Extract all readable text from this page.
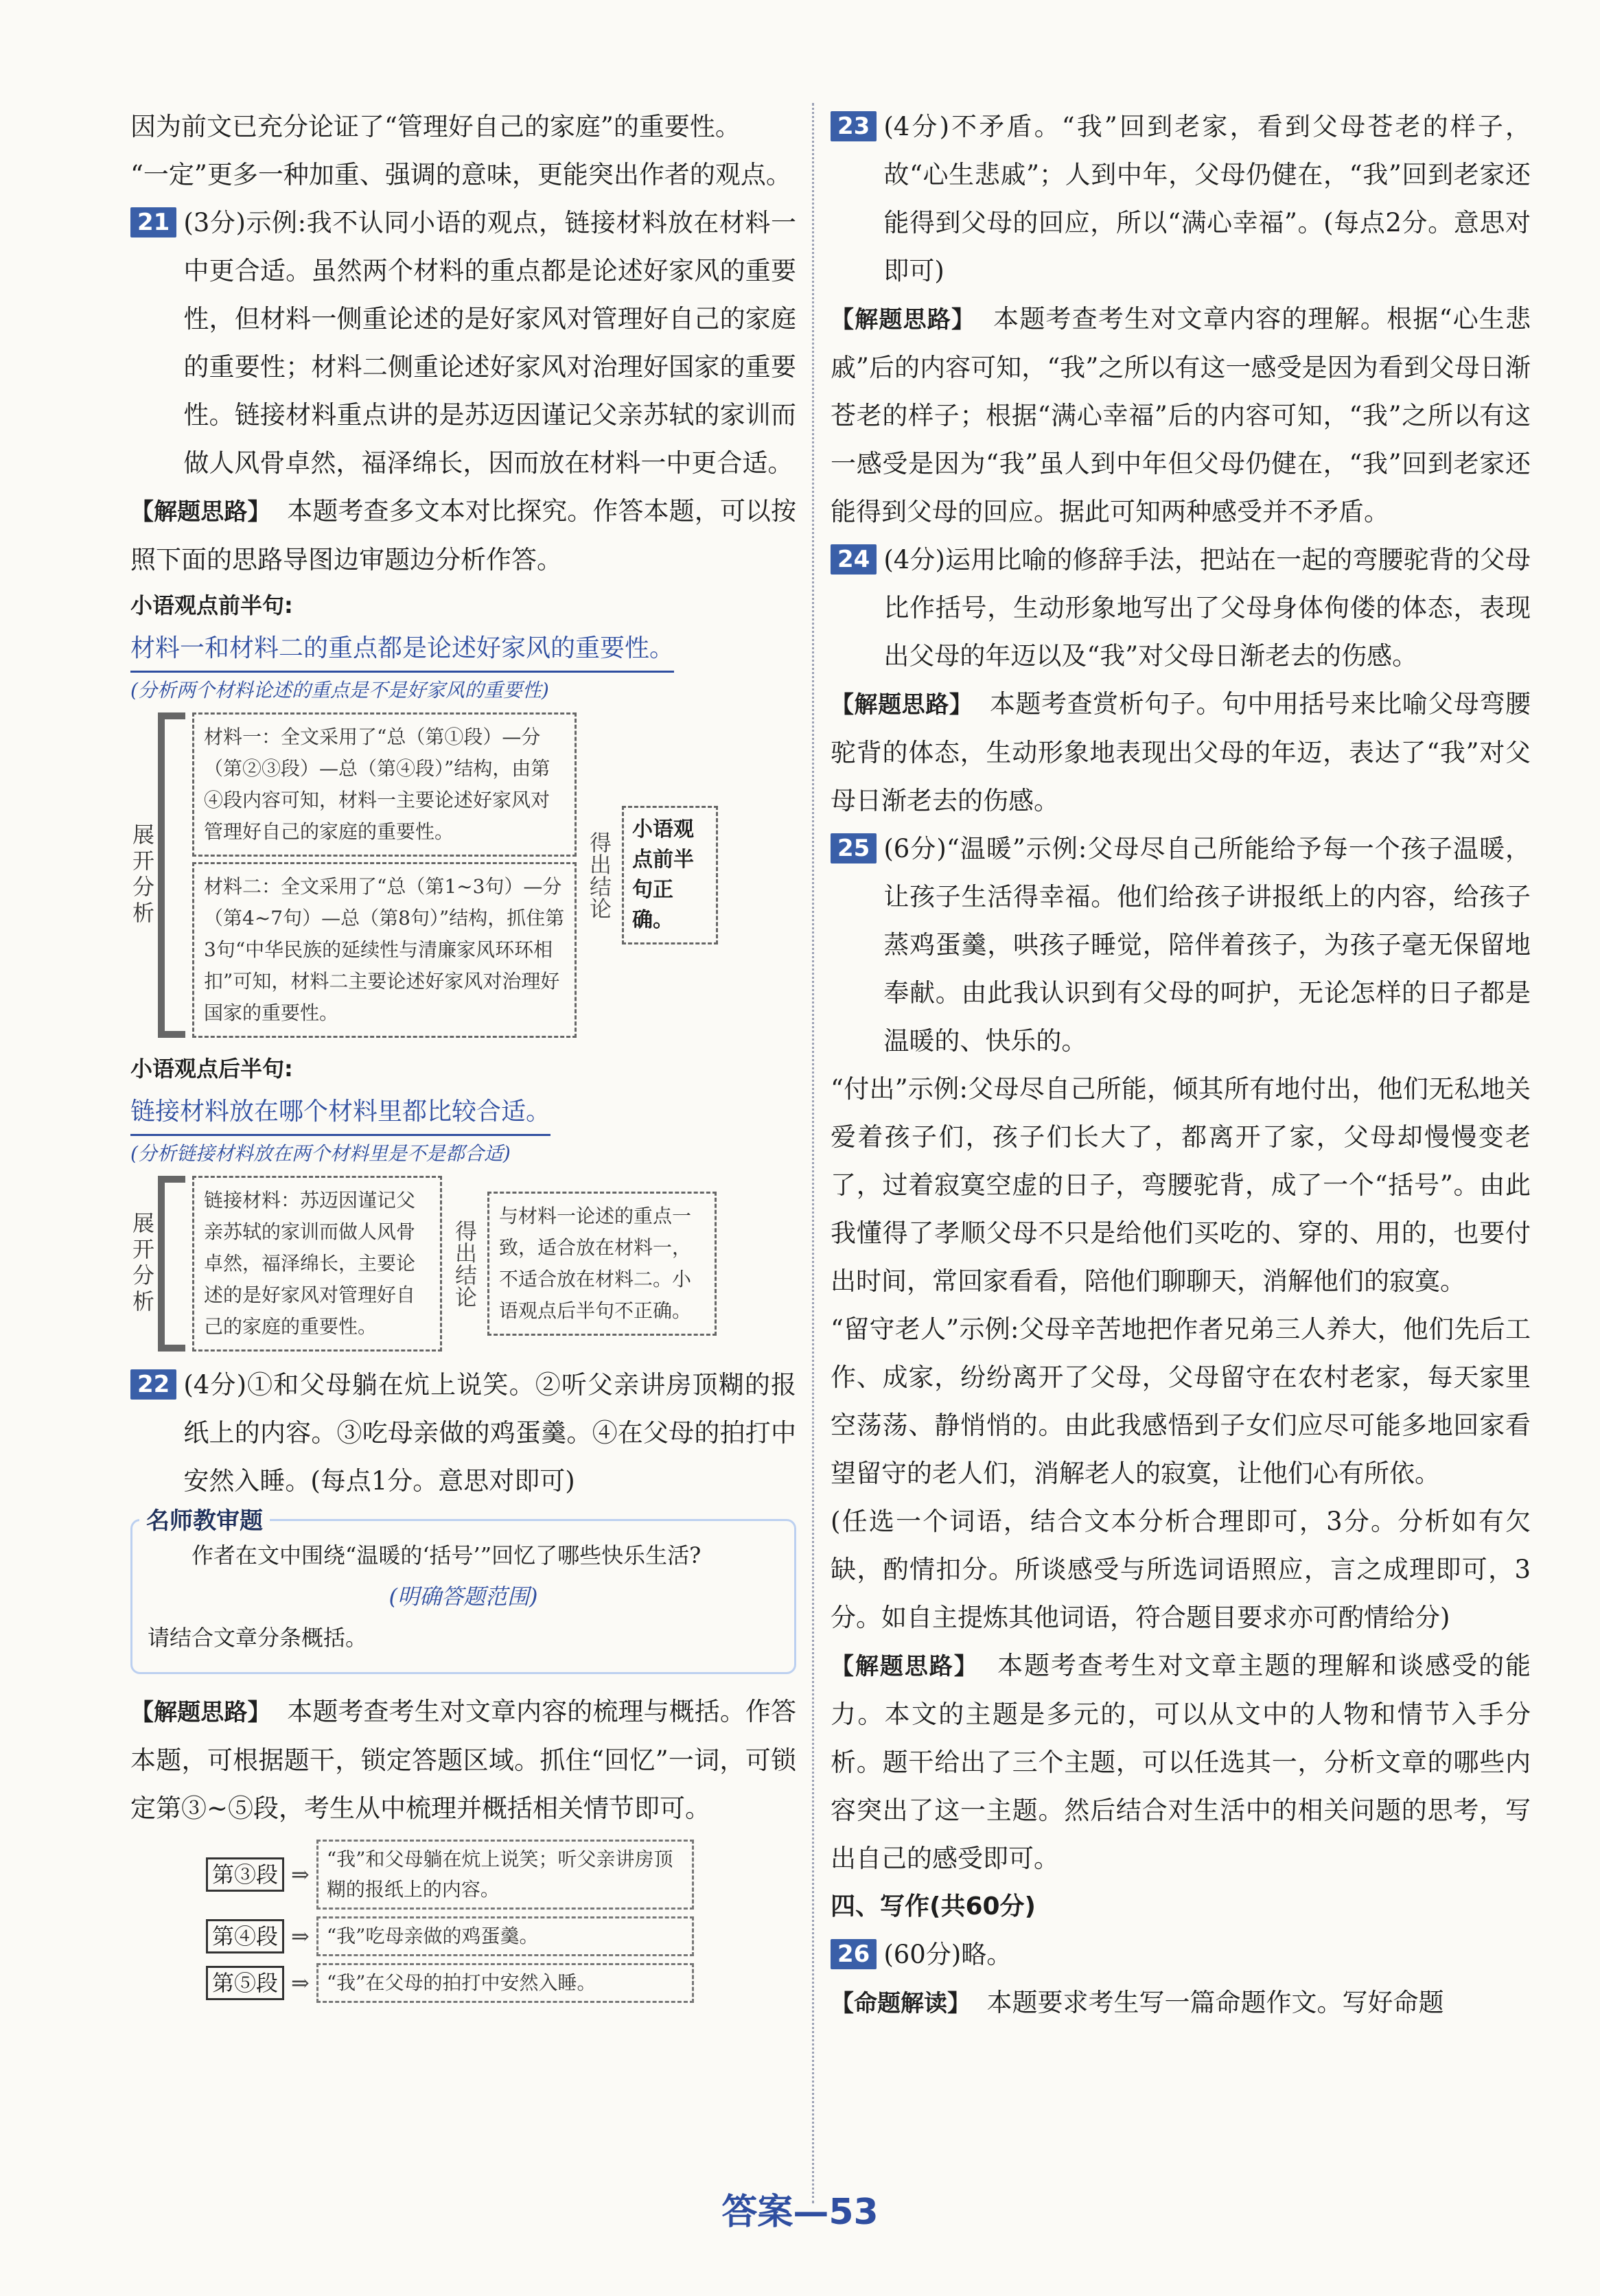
因为前文已充分论证了“管理好自己的家庭”的重要性。

“一定”更多一种加重、强调的意味，更能突出作者的观点。

21 (3分)示例:我不认同小语的观点，链接材料放在材料一中更合适。虽然两个材料的重点都是论述好家风的重要性，但材料一侧重论述的是好家风对管理好自己的家庭的重要性；材料二侧重论述好家风对治理好国家的重要性。链接材料重点讲的是苏迈因谨记父亲苏轼的家训而做人风骨卓然，福泽绵长，因而放在材料一中更合适。

【解题思路】 本题考查多文本对比探究。作答本题，可以按照下面的思路导图边审题边分析作答。

小语观点前半句:
材料一和材料二的重点都是论述好家风的重要性。
(分析两个材料论述的重点是不是好家风的重要性)
展开分析
材料一：全文采用了“总（第①段）—分（第②③段）—总（第④段）”结构，由第④段内容可知，材料一主要论述好家风对管理好自己的家庭的重要性。
材料二：全文采用了“总（第1~3句）—分（第4~7句）—总（第8句）”结构，抓住第3句“中华民族的延续性与清廉家风环环相扣”可知，材料二主要论述好家风对治理好国家的重要性。
得出结论
小语观点前半句正确。
小语观点后半句:
链接材料放在哪个材料里都比较合适。
(分析链接材料放在两个材料里是不是都合适)
展开分析
链接材料：苏迈因谨记父亲苏轼的家训而做人风骨卓然，福泽绵长，主要论述的是好家风对管理好自己的家庭的重要性。
得出结论
与材料一论述的重点一致，适合放在材料一，不适合放在材料二。小语观点后半句不正确。
22 (4分)①和父母躺在炕上说笑。②听父亲讲房顶糊的报纸上的内容。③吃母亲做的鸡蛋羹。④在父母的拍打中安然入睡。(每点1分。意思对即可)

名师教审题

作者在文中围绕“温暖的‘括号’”回忆了哪些快乐生活?

(明确答题范围)

请结合文章分条概括。

【解题思路】 本题考查考生对文章内容的梳理与概括。作答本题，可根据题干，锁定答题区域。抓住“回忆”一词，可锁定第③~⑤段，考生从中梳理并概括相关情节即可。

第③段 ⇒
“我”和父母躺在炕上说笑；听父亲讲房顶糊的报纸上的内容。
第④段 ⇒ “我”吃母亲做的鸡蛋羹。
第⑤段 ⇒ “我”在父母的拍打中安然入睡。
23 (4分)不矛盾。“我”回到老家，看到父母苍老的样子，故“心生悲戚”；人到中年，父母仍健在，“我”回到老家还能得到父母的回应，所以“满心幸福”。(每点2分。意思对即可)

【解题思路】 本题考查考生对文章内容的理解。根据“心生悲戚”后的内容可知，“我”之所以有这一感受是因为看到父母日渐苍老的样子；根据“满心幸福”后的内容可知，“我”之所以有这一感受是因为“我”虽人到中年但父母仍健在，“我”回到老家还能得到父母的回应。据此可知两种感受并不矛盾。

24 (4分)运用比喻的修辞手法，把站在一起的弯腰驼背的父母比作括号，生动形象地写出了父母身体佝偻的体态，表现出父母的年迈以及“我”对父母日渐老去的伤感。

【解题思路】 本题考查赏析句子。句中用括号来比喻父母弯腰驼背的体态，生动形象地表现出父母的年迈，表达了“我”对父母日渐老去的伤感。

25 (6分)“温暖”示例:父母尽自己所能给予每一个孩子温暖，让孩子生活得幸福。他们给孩子讲报纸上的内容，给孩子蒸鸡蛋羹，哄孩子睡觉，陪伴着孩子，为孩子毫无保留地奉献。由此我认识到有父母的呵护，无论怎样的日子都是温暖的、快乐的。

“付出”示例:父母尽自己所能，倾其所有地付出，他们无私地关爱着孩子们，孩子们长大了，都离开了家，父母却慢慢变老了，过着寂寞空虚的日子，弯腰驼背，成了一个“括号”。由此我懂得了孝顺父母不只是给他们买吃的、穿的、用的，也要付出时间，常回家看看，陪他们聊聊天，消解他们的寂寞。

“留守老人”示例:父母辛苦地把作者兄弟三人养大，他们先后工作、成家，纷纷离开了父母，父母留守在农村老家，每天家里空荡荡、静悄悄的。由此我感悟到子女们应尽可能多地回家看望留守的老人们，消解老人的寂寞，让他们心有所依。

(任选一个词语，结合文本分析合理即可，3分。分析如有欠缺，酌情扣分。所谈感受与所选词语照应，言之成理即可，3分。如自主提炼其他词语，符合题目要求亦可酌情给分)

【解题思路】 本题考查考生对文章主题的理解和谈感受的能力。本文的主题是多元的，可以从文中的人物和情节入手分析。题干给出了三个主题，可以任选其一，分析文章的哪些内容突出了这一主题。然后结合对生活中的相关问题的思考，写出自己的感受即可。

四、写作(共60分)
26 (60分)略。

【命题解读】 本题要求考生写一篇命题作文。写好命题

答案—53
